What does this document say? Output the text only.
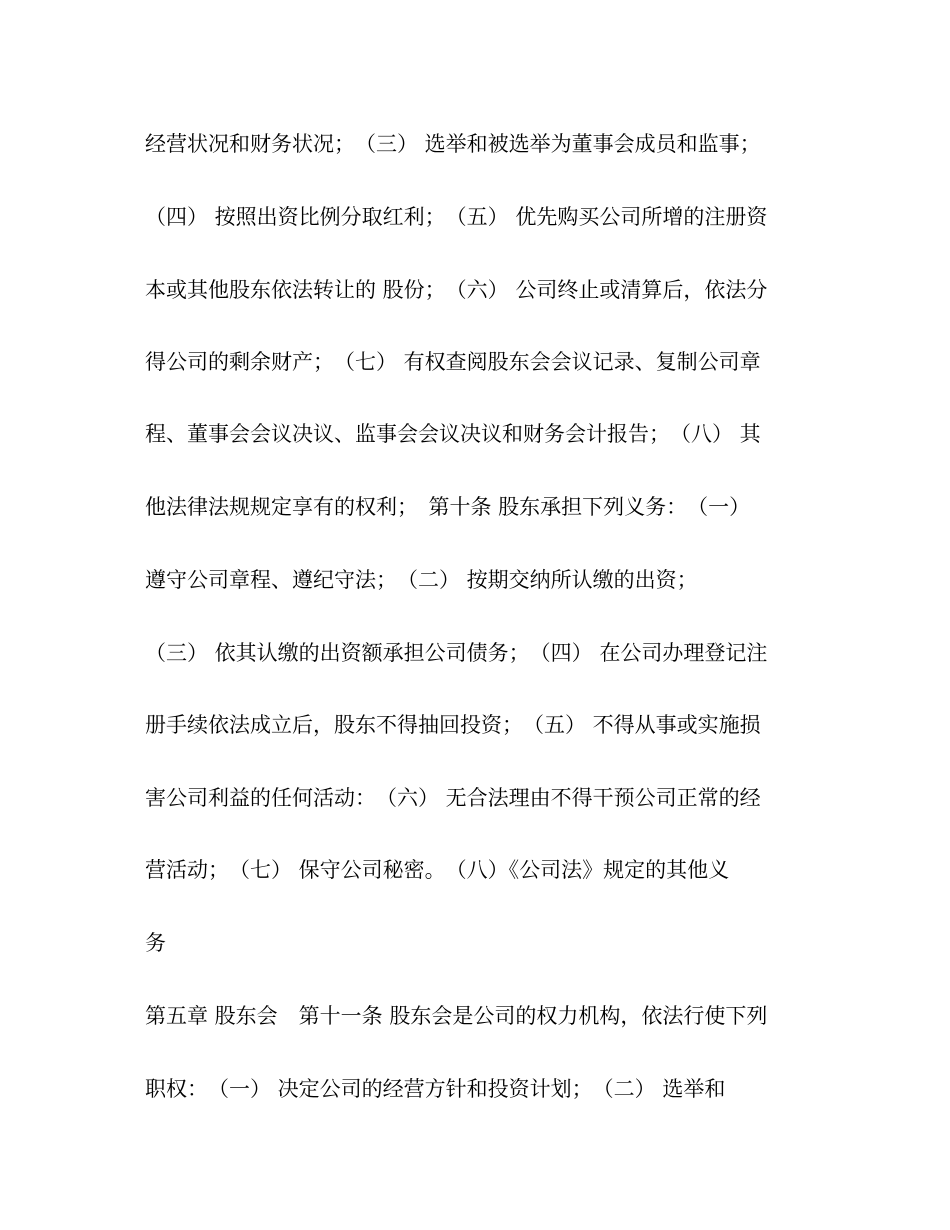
经营状况和财务状况；　（三） 选举和被选举为董事会成员和监事；
（四） 按照出资比例分取红利；　（五） 优先购买公司所增的注册资
本或其他股东依法转让的 股份；　（六） 公司终止或清算后，依法分
得公司的剩余财产；　（七） 有权查阅股东会会议记录、复制公司章
程、董事会会议决议、监事会会议决议和财务会计报告；　（八） 其
他法律法规规定享有的权利；　第十条 股东承担下列义务：　（一）
遵守公司章程、遵纪守法；　（二） 按期交纳所认缴的出资；
（三） 依其认缴的出资额承担公司债务；　（四） 在公司办理登记注
册手续依法成立后，股东不得抽回投资；　（五） 不得从事或实施损
害公司利益的任何活动：　（六） 无合法理由不得干预公司正常的经
营活动；　（七） 保守公司秘密。　（八）《公司法》规定的其他义
务
第五章 股东会　第十一条 股东会是公司的权力机构，依法行使下列
职权：　（一） 决定公司的经营方针和投资计划；　（二） 选举和
